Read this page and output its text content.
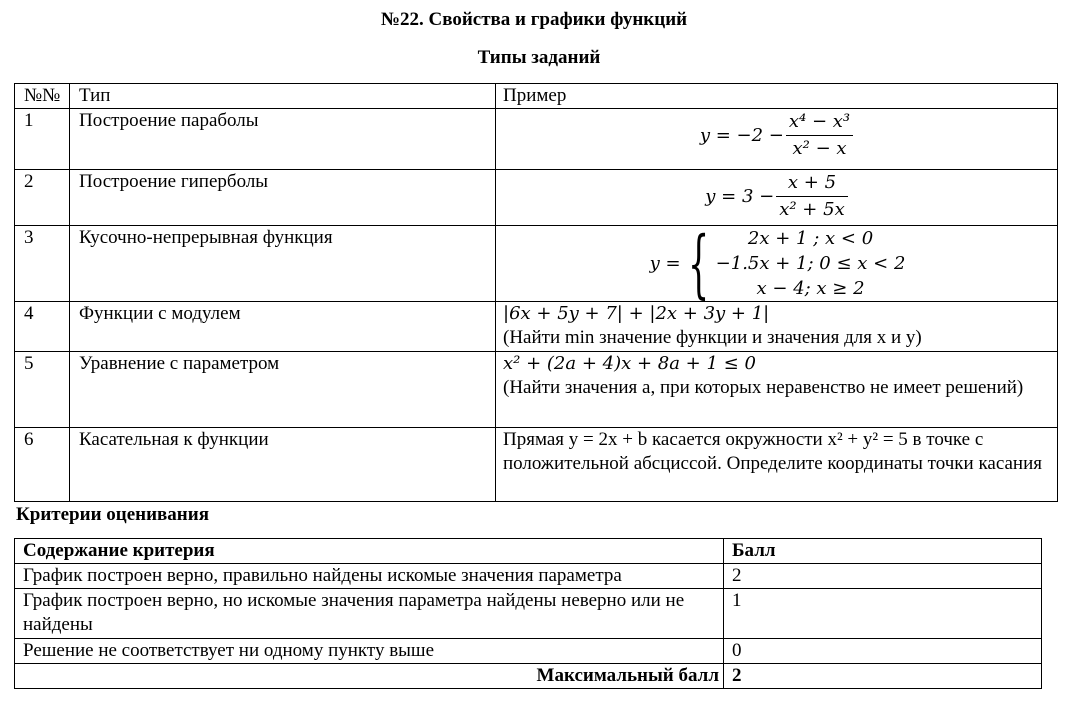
№22. Свойства и графики функций
Типы заданий
№№	Тип	Пример
1	Построение параболы	$y = -2 - \frac{\text{x⁴ − x³}}{\text{x² − x}}$

2	Построение гиперболы	$y = 3 - \frac{x + 5}{\text{x² + 5x}}$

3	Кусочно-непрерывная функция	y = { 2x + 1 ; x < 0
−1.5x + 1; 0 ≤ x < 2
x − 4; x ≥ 2

4	Функции с модулем	|6x + 5y + 7| + |2x + 3y + 1|
(Найти min значение функции и значения для x и y)

5	Уравнение с параметром	x² + (2a + 4)x + 8a + 1 ≤ 0
(Найти значения а, при которых неравенство не имеет решений)

6	Касательная к функции	Прямая y = 2x + b касается окружности x² + y² = 5 в точке с положительной абсциссой. Определите координаты точки касания
Критерии оценивания
Содержание критерия	Балл
График построен верно, правильно найдены искомые значения параметра	2
График построен верно, но искомые значения параметра найдены неверно или не найдены	1
Решение не соответствует ни одному пункту выше	0
Максимальный балл	2
